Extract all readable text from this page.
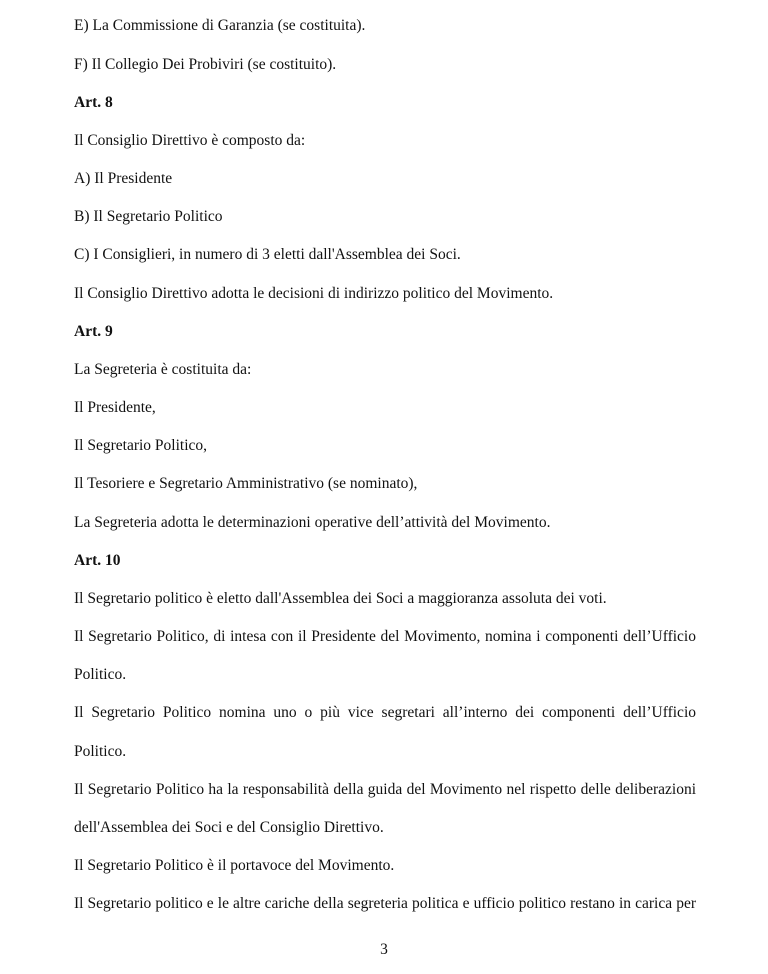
E) La Commissione di Garanzia (se costituita).
F) Il Collegio Dei Probiviri (se costituito).
Art. 8
Il Consiglio Direttivo è composto da:
A) Il Presidente
B) Il Segretario Politico
C) I Consiglieri, in numero di 3 eletti dall'Assemblea dei Soci.
Il Consiglio Direttivo adotta le decisioni di indirizzo politico del Movimento.
Art. 9
La Segreteria è costituita da:
Il Presidente,
Il Segretario Politico,
Il Tesoriere e Segretario Amministrativo (se nominato),
La Segreteria adotta le determinazioni operative dell’attività del Movimento.
Art. 10
Il Segretario politico è eletto dall'Assemblea dei Soci a maggioranza assoluta dei voti.
Il Segretario Politico, di intesa con il Presidente del Movimento, nomina i componenti dell’Ufficio
Politico.
Il Segretario Politico nomina uno o più vice segretari all’interno dei componenti dell’Ufficio
Politico.
Il Segretario Politico ha la responsabilità della guida del Movimento nel rispetto delle deliberazioni
dell'Assemblea dei Soci e del Consiglio Direttivo.
Il Segretario Politico è il portavoce del Movimento.
Il Segretario politico e le altre cariche della segreteria politica e ufficio politico restano in carica per
3
